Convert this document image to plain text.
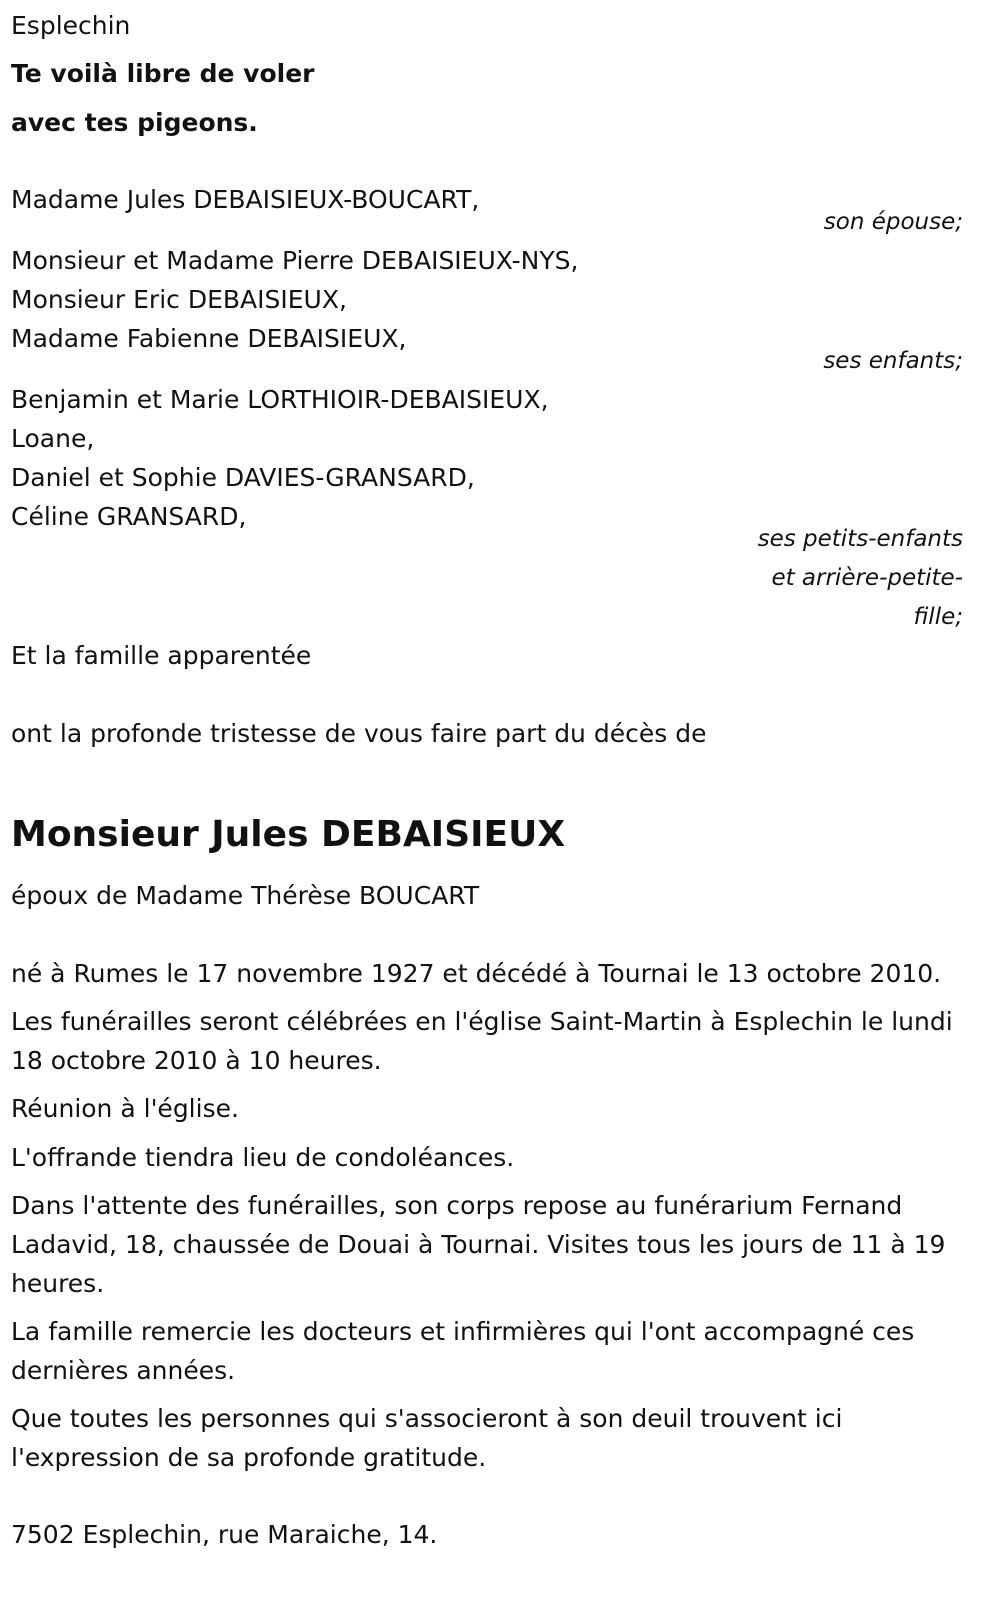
Esplechin

Te voilà libre de voler

avec tes pigeons.

Madame Jules DEBAISIEUX-BOUCART,

son épouse;

Monsieur et Madame Pierre DEBAISIEUX-NYS,

Monsieur Eric DEBAISIEUX,

Madame Fabienne DEBAISIEUX,

ses enfants;

Benjamin et Marie LORTHIOIR-DEBAISIEUX,

Loane,

Daniel et Sophie DAVIES-GRANSARD,

Céline GRANSARD,

ses petits-enfants

et arrière-petite-

fille;

Et la famille apparentée

ont la profonde tristesse de vous faire part du décès de

Monsieur Jules DEBAISIEUX

époux de Madame Thérèse BOUCART

né à Rumes le 17 novembre 1927 et décédé à Tournai le 13 octobre 2010.

Les funérailles seront célébrées en l'église Saint-Martin à Esplechin le lundi 18 octobre 2010 à 10 heures.

Réunion à l'église.

L'offrande tiendra lieu de condoléances.

Dans l'attente des funérailles, son corps repose au funérarium Fernand Ladavid, 18, chaussée de Douai à Tournai. Visites tous les jours de 11 à 19 heures.

La famille remercie les docteurs et infirmières qui l'ont accompagné ces dernières années.

Que toutes les personnes qui s'associeront à son deuil trouvent ici l'expression de sa profonde gratitude.

7502 Esplechin, rue Maraiche, 14.
